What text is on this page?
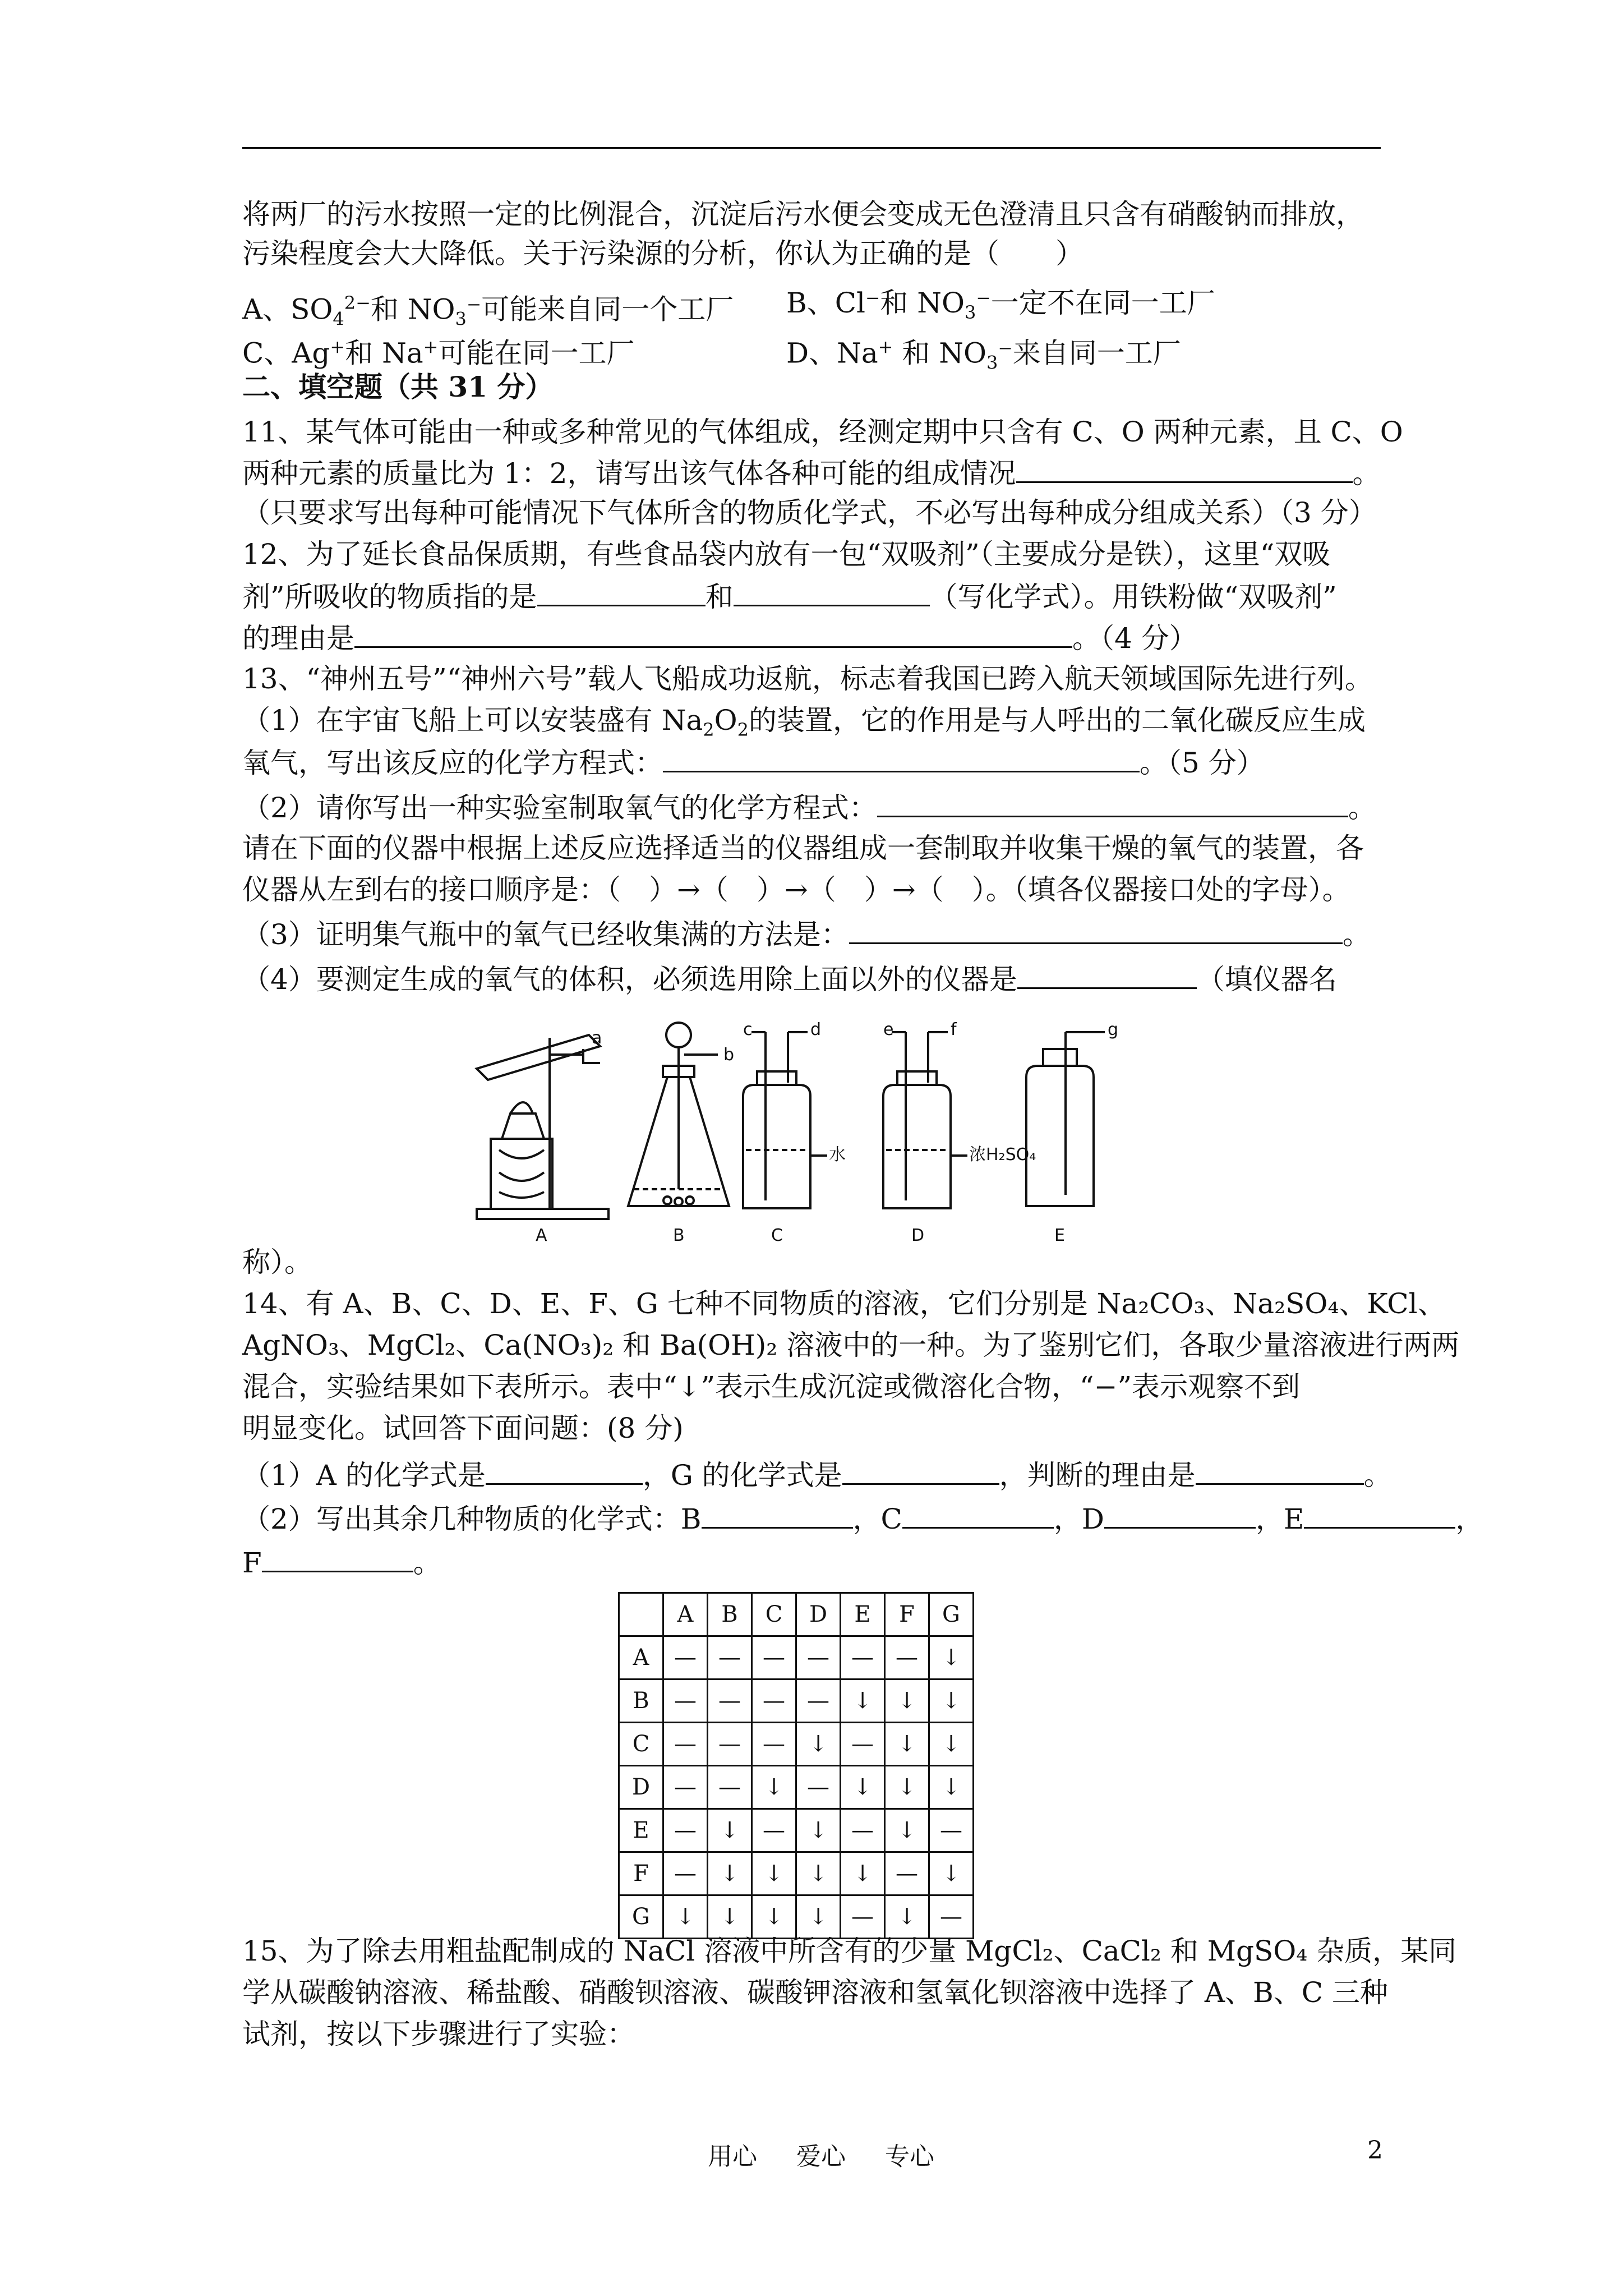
将两厂的污水按照一定的比例混合，沉淀后污水便会变成无色澄清且只含有硝酸钠而排放，
污染程度会大大降低。关于污染源的分析，你认为正确的是（　　）
A、$SO_4^{2-}$和 $NO_3^-$可能来自同一个工厂	B、Cl⁻和 $NO_3^-$一定不在同一工厂
C、Ag+和 Na+可能在同一工厂	D、Na+ 和 $NO_3^-$来自同一工厂
二、填空题（共 31 分）
11、某气体可能由一种或多种常见的气体组成，经测定期中只含有 C、O 两种元素，且 C、O
两种元素的质量比为 1：2，请写出该气体各种可能的组成情况	。
（只要求写出每种可能情况下气体所含的物质化学式，不必写出每种成分组成关系）（3 分）
12、为了延长食品保质期，有些食品袋内放有一包“双吸剂”（主要成分是铁），这里“双吸
剂”所吸收的物质指的是	和	（写化学式）。用铁粉做“双吸剂”
的理由是	。（4 分）
13、“神州五号”“神州六号”载人飞船成功返航，标志着我国已跨入航天领域国际先进行列。
（1）在宇宙飞船上可以安装盛有 $Na_2O_2$的装置，它的作用是与人呼出的二氧化碳反应生成
氧气，写出该反应的化学方程式：	。（5 分）
（2）请你写出一种实验室制取氧气的化学方程式：	。
请在下面的仪器中根据上述反应选择适当的仪器组成一套制取并收集干燥的氧气的装置，各
仪器从左到右的接口顺序是：（　）→（　）→（　）→（　）。（填各仪器接口处的字母）。
（3）证明集气瓶中的氧气已经收集满的方法是：	。
（4）要测定生成的氧气的体积，必须选用除上面以外的仪器是	（填仪器名
a
b
c	d	e	f	g
水	浓H₂SO₄
A	B	C	D	E
称）。
14、有 A、B、C、D、E、F、G 七种不同物质的溶液，它们分别是 Na₂CO₃、Na₂SO₄、KCl、
AgNO₃、MgCl₂、Ca(NO₃)₂ 和 Ba(OH)₂ 溶液中的一种。为了鉴别它们，各取少量溶液进行两两
混合，实验结果如下表所示。表中“↓”表示生成沉淀或微溶化合物，“−”表示观察不到
明显变化。试回答下面问题：(8 分)
（1）A 的化学式是	，G 的化学式是	，判断的理由是	。
（2）写出其余几种物质的化学式：B	，C	，D	，E	，
F	。
	A	B	C	D	E	F	G
A	—	—	—	—	—	—	↓
B	—	—	—	—	↓	↓	↓
C	—	—	—	↓	—	↓	↓
D	—	—	↓	—	↓	↓	↓
E	—	↓	—	↓	—	↓	—
F	—	↓	↓	↓	↓	—	↓
G	↓	↓	↓	↓	—	↓	—
15、为了除去用粗盐配制成的 NaCl 溶液中所含有的少量 MgCl₂、CaCl₂ 和 MgSO₄ 杂质，某同
学从碳酸钠溶液、稀盐酸、硝酸钡溶液、碳酸钾溶液和氢氧化钡溶液中选择了 A、B、C 三种
试剂，按以下步骤进行了实验：
用心 爱心 专心	2
